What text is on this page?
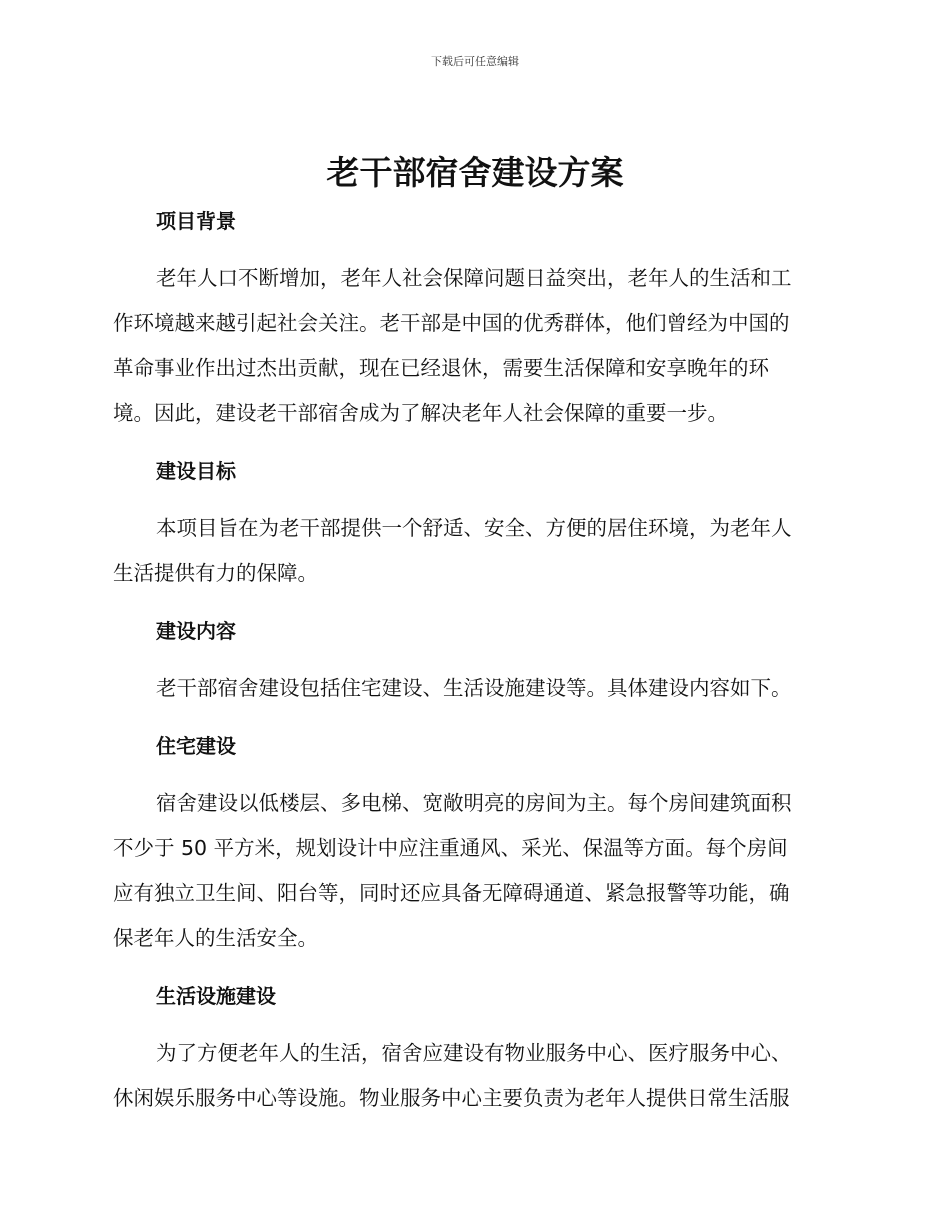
下载后可任意编辑
老干部宿舍建设方案
项目背景

老年人口不断增加，老年人社会保障问题日益突出，老年人的生活和工

作环境越来越引起社会关注。老干部是中国的优秀群体，他们曾经为中国的

革命事业作出过杰出贡献，现在已经退休，需要生活保障和安享晚年的环

境。因此，建设老干部宿舍成为了解决老年人社会保障的重要一步。

建设目标

本项目旨在为老干部提供一个舒适、安全、方便的居住环境，为老年人

生活提供有力的保障。

建设内容

老干部宿舍建设包括住宅建设、生活设施建设等。具体建设内容如下。

住宅建设

宿舍建设以低楼层、多电梯、宽敞明亮的房间为主。每个房间建筑面积

不少于 50 平方米，规划设计中应注重通风、采光、保温等方面。每个房间

应有独立卫生间、阳台等，同时还应具备无障碍通道、紧急报警等功能，确

保老年人的生活安全。

生活设施建设

为了方便老年人的生活，宿舍应建设有物业服务中心、医疗服务中心、

休闲娱乐服务中心等设施。物业服务中心主要负责为老年人提供日常生活服
